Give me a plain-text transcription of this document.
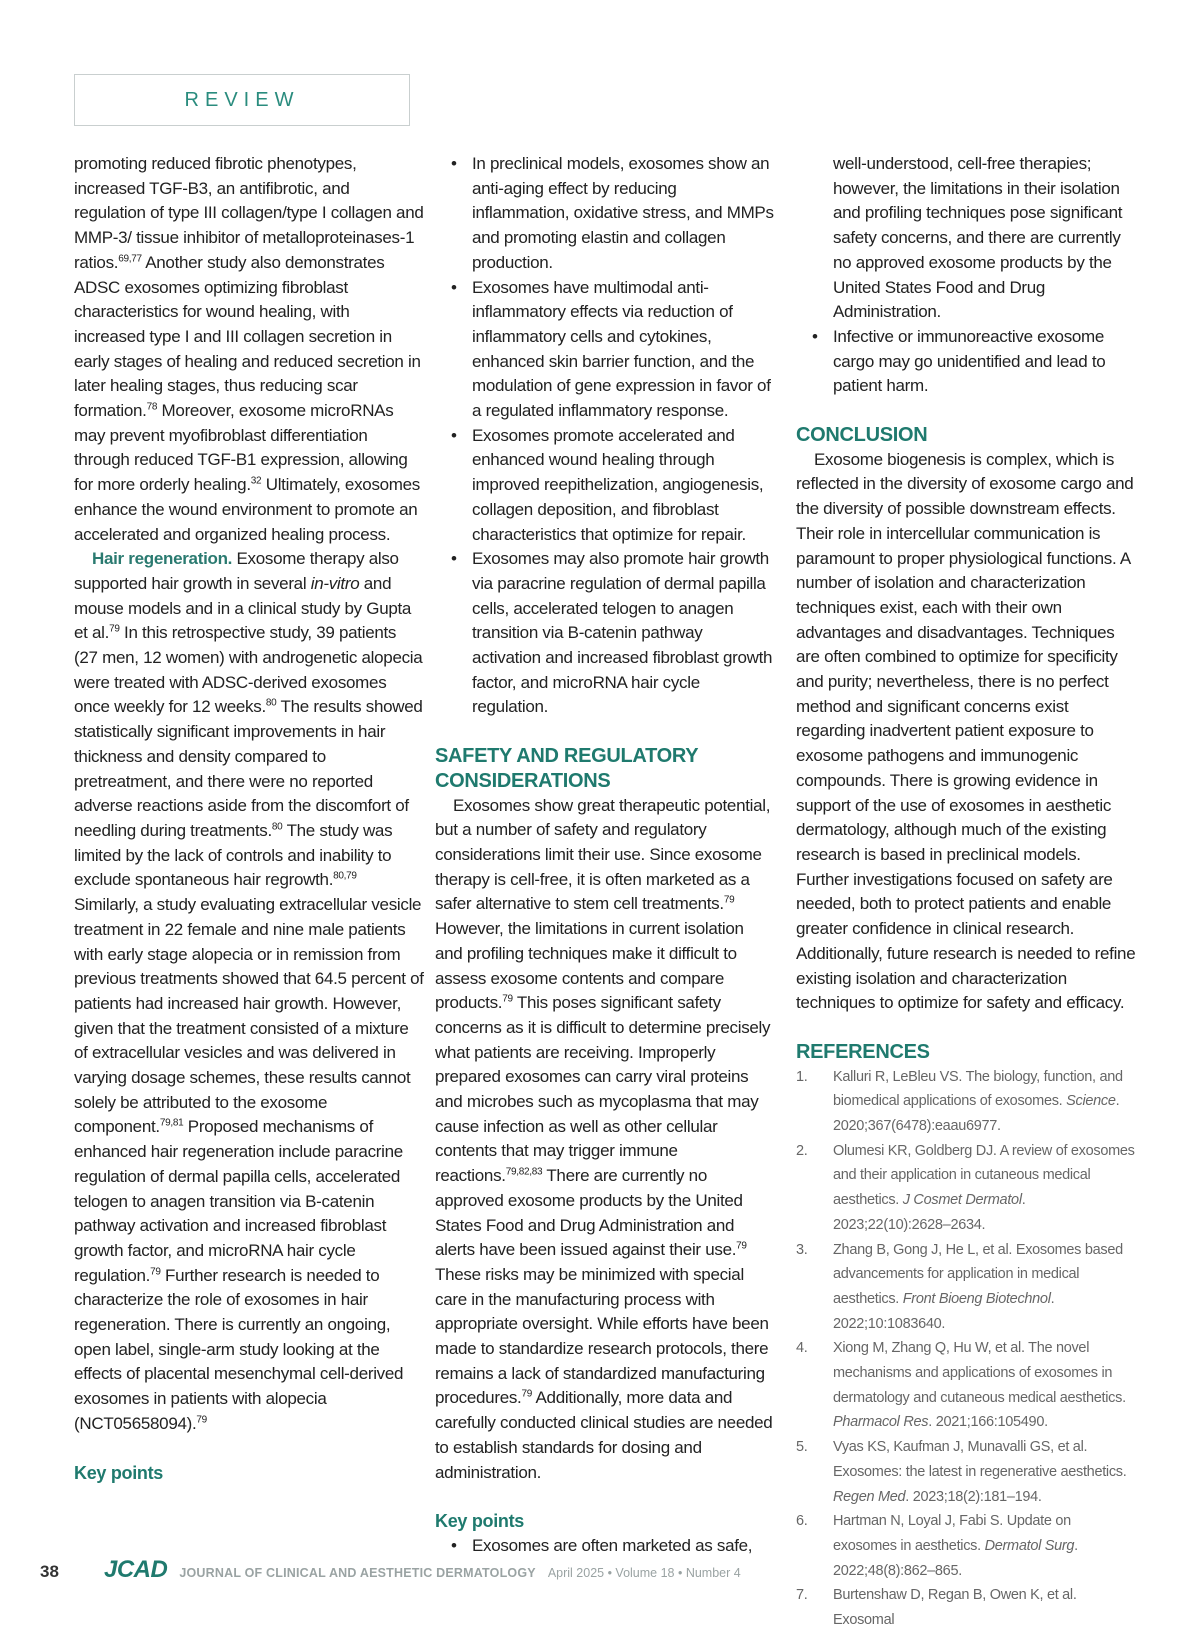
REVIEW

promoting reduced fibrotic phenotypes, increased TGF-B3, an antifibrotic, and regulation of type III collagen/type I collagen and MMP-3/ tissue inhibitor of metalloproteinases-1 ratios.$^{69,77}$ Another study also demonstrates ADSC exosomes optimizing fibroblast characteristics for wound healing, with increased type I and III collagen secretion in early stages of healing and reduced secretion in later healing stages, thus reducing scar formation.$^{78}$ Moreover, exosome microRNAs may prevent myofibroblast differentiation through reduced TGF-B1 expression, allowing for more orderly healing.$^{32}$ Ultimately, exosomes enhance the wound environment to promote an accelerated and organized healing process.

Hair regeneration. Exosome therapy also supported hair growth in several in-vitro and mouse models and in a clinical study by Gupta et al.$^{79}$ In this retrospective study, 39 patients (27 men, 12 women) with androgenetic alopecia were treated with ADSC-derived exosomes once weekly for 12 weeks.$^{80}$ The results showed statistically significant improvements in hair thickness and density compared to pretreatment, and there were no reported adverse reactions aside from the discomfort of needling during treatments.$^{80}$ The study was limited by the lack of controls and inability to exclude spontaneous hair regrowth.$^{80,79}$ Similarly, a study evaluating extracellular vesicle treatment in 22 female and nine male patients with early stage alopecia or in remission from previous treatments showed that 64.5 percent of patients had increased hair growth. However, given that the treatment consisted of a mixture of extracellular vesicles and was delivered in varying dosage schemes, these results cannot solely be attributed to the exosome component.$^{79,81}$ Proposed mechanisms of enhanced hair regeneration include paracrine regulation of dermal papilla cells, accelerated telogen to anagen transition via B-catenin pathway activation and increased fibroblast growth factor, and microRNA hair cycle regulation.$^{79}$ Further research is needed to characterize the role of exosomes in hair regeneration. There is currently an ongoing, open label, single-arm study looking at the effects of placental mesenchymal cell-derived exosomes in patients with alopecia (NCT05658094).$^{79}$

Key points

• In preclinical models, exosomes show an anti-aging effect by reducing inflammation, oxidative stress, and MMPs and promoting elastin and collagen production.
• Exosomes have multimodal anti-inflammatory effects via reduction of inflammatory cells and cytokines, enhanced skin barrier function, and the modulation of gene expression in favor of a regulated inflammatory response.
• Exosomes promote accelerated and enhanced wound healing through improved reepithelization, angiogenesis, collagen deposition, and fibroblast characteristics that optimize for repair.
• Exosomes may also promote hair growth via paracrine regulation of dermal papilla cells, accelerated telogen to anagen transition via B-catenin pathway activation and increased fibroblast growth factor, and microRNA hair cycle regulation.

SAFETY AND REGULATORY CONSIDERATIONS

Exosomes show great therapeutic potential, but a number of safety and regulatory considerations limit their use. Since exosome therapy is cell-free, it is often marketed as a safer alternative to stem cell treatments.$^{79}$ However, the limitations in current isolation and profiling techniques make it difficult to assess exosome contents and compare products.$^{79}$ This poses significant safety concerns as it is difficult to determine precisely what patients are receiving. Improperly prepared exosomes can carry viral proteins and microbes such as mycoplasma that may cause infection as well as other cellular contents that may trigger immune reactions.$^{79,82,83}$ There are currently no approved exosome products by the United States Food and Drug Administration and alerts have been issued against their use.$^{79}$ These risks may be minimized with special care in the manufacturing process with appropriate oversight. While efforts have been made to standardize research protocols, there remains a lack of standardized manufacturing procedures.$^{79}$ Additionally, more data and carefully conducted clinical studies are needed to establish standards for dosing and administration.

Key points

• Exosomes are often marketed as safe,
well-understood, cell-free therapies; however, the limitations in their isolation and profiling techniques pose significant safety concerns, and there are currently no approved exosome products by the United States Food and Drug Administration.
• Infective or immunoreactive exosome cargo may go unidentified and lead to patient harm.

CONCLUSION

Exosome biogenesis is complex, which is reflected in the diversity of exosome cargo and the diversity of possible downstream effects. Their role in intercellular communication is paramount to proper physiological functions. A number of isolation and characterization techniques exist, each with their own advantages and disadvantages. Techniques are often combined to optimize for specificity and purity; nevertheless, there is no perfect method and significant concerns exist regarding inadvertent patient exposure to exosome pathogens and immunogenic compounds. There is growing evidence in support of the use of exosomes in aesthetic dermatology, although much of the existing research is based in preclinical models. Further investigations focused on safety are needed, both to protect patients and enable greater confidence in clinical research. Additionally, future research is needed to refine existing isolation and characterization techniques to optimize for safety and efficacy.

REFERENCES

1. Kalluri R, LeBleu VS. The biology, function, and biomedical applications of exosomes. Science. 2020;367(6478):eaau6977.
2. Olumesi KR, Goldberg DJ. A review of exosomes and their application in cutaneous medical aesthetics. J Cosmet Dermatol. 2023;22(10):2628–2634.
3. Zhang B, Gong J, He L, et al. Exosomes based advancements for application in medical aesthetics. Front Bioeng Biotechnol. 2022;10:1083640.
4. Xiong M, Zhang Q, Hu W, et al. The novel mechanisms and applications of exosomes in dermatology and cutaneous medical aesthetics. Pharmacol Res. 2021;166:105490.
5. Vyas KS, Kaufman J, Munavalli GS, et al. Exosomes: the latest in regenerative aesthetics. Regen Med. 2023;18(2):181–194.
6. Hartman N, Loyal J, Fabi S. Update on exosomes in aesthetics. Dermatol Surg. 2022;48(8):862–865.
7. Burtenshaw D, Regan B, Owen K, et al. Exosomal
38	JCAD JOURNAL OF CLINICAL AND AESTHETIC DERMATOLOGY April 2025 • Volume 18 • Number 4
